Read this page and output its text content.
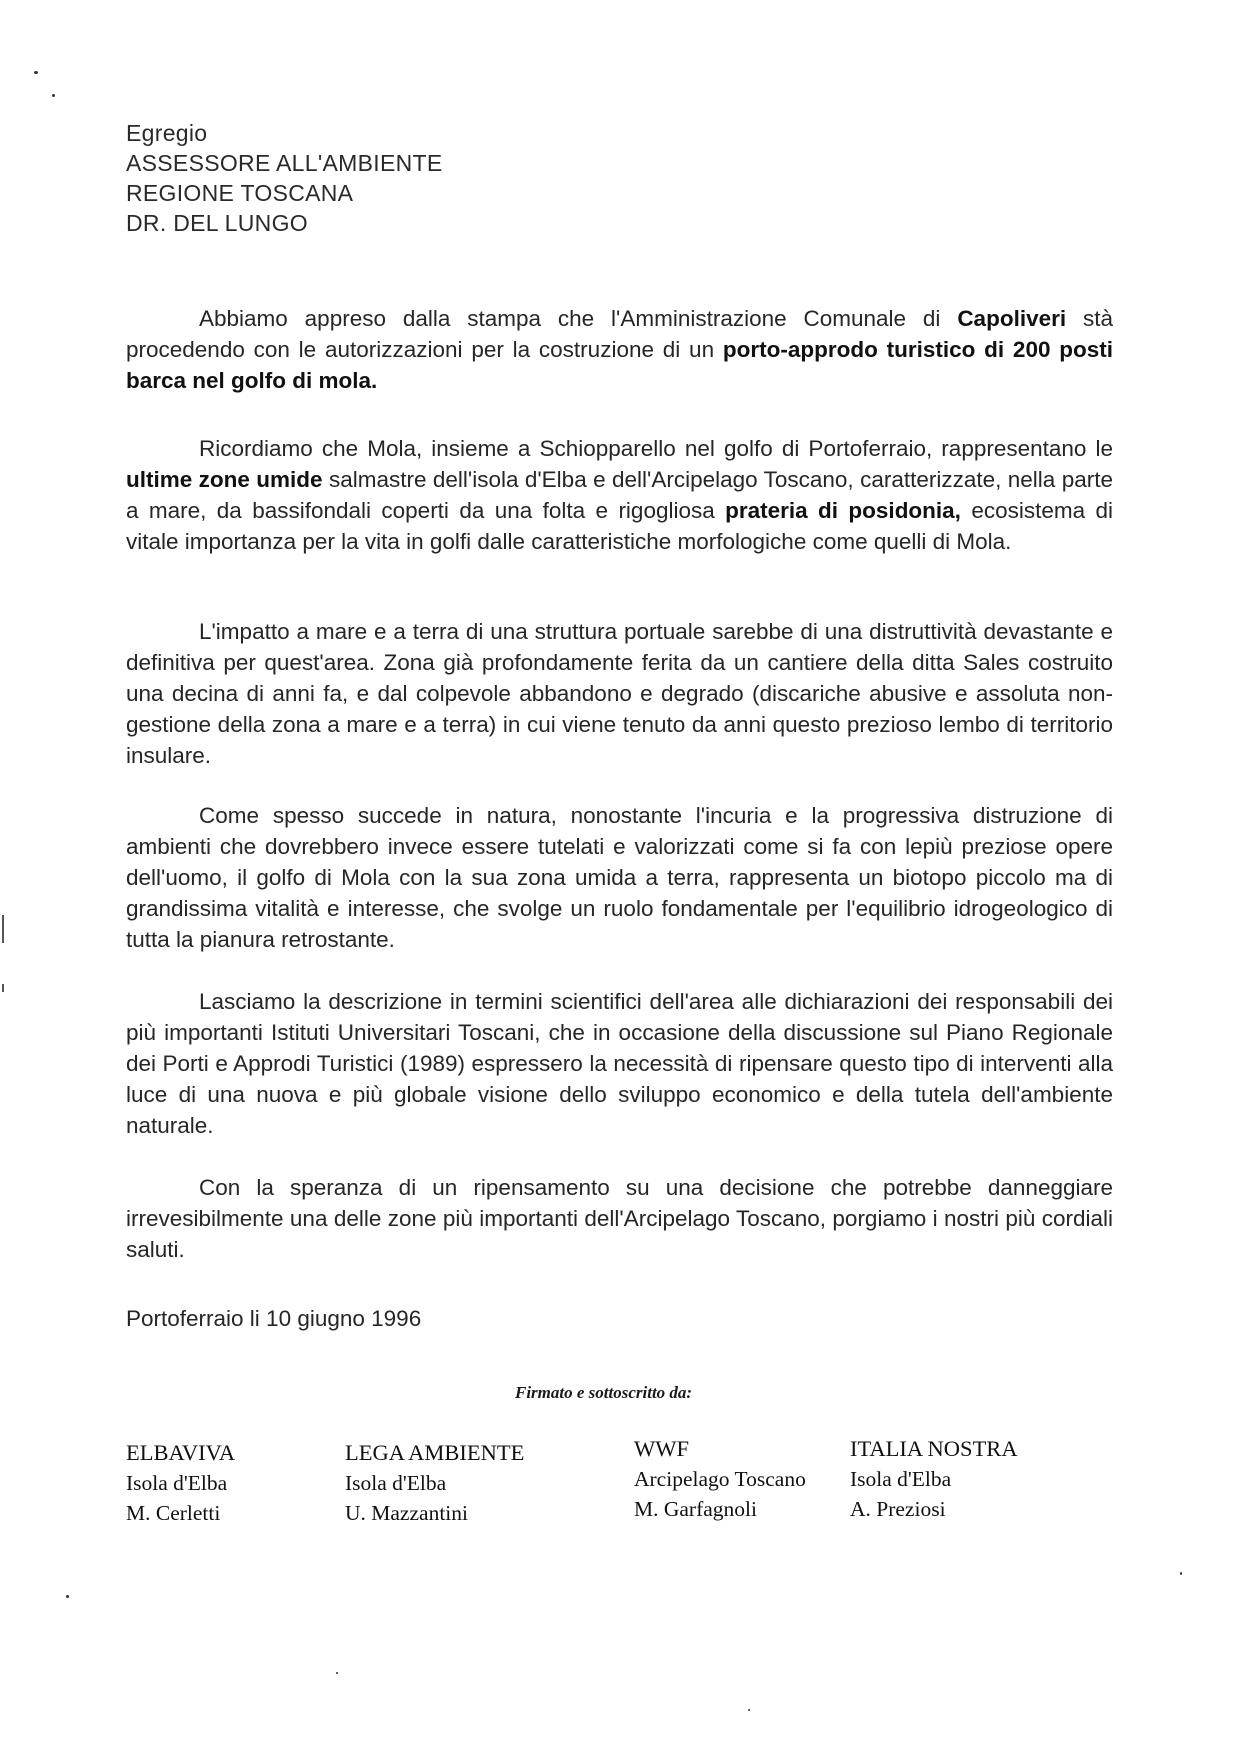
Egregio
ASSESSORE ALL'AMBIENTE
REGIONE TOSCANA
DR. DEL LUNGO
Abbiamo appreso dalla stampa che l'Amministrazione Comunale di Capoliveri stà procedendo con le autorizzazioni per la costruzione di un porto-approdo turistico di 200 posti barca nel golfo di mola.
Ricordiamo che Mola, insieme a Schiopparello nel golfo di Portoferraio, rappresentano le ultime zone umide salmastre dell'isola d'Elba e dell'Arcipelago Toscano, caratterizzate, nella parte a mare, da bassifondali coperti da una folta e rigogliosa prateria di posidonia, ecosistema di vitale importanza per la vita in golfi dalle caratteristiche morfologiche come quelli di Mola.
L'impatto a mare e a terra di una struttura portuale sarebbe di una distruttività devastante e definitiva per quest'area. Zona già profondamente ferita da un cantiere della ditta Sales costruito una decina di anni fa, e dal colpevole abbandono e degrado (discariche abusive e assoluta non-gestione della zona a mare e a terra) in cui viene tenuto da anni questo prezioso lembo di territorio insulare.
Come spesso succede in natura, nonostante l'incuria e la progressiva distruzione di ambienti che dovrebbero invece essere tutelati e valorizzati come si fa con lepiù preziose opere dell'uomo, il golfo di Mola con la sua zona umida a terra, rappresenta un biotopo piccolo ma di grandissima vitalità e interesse, che svolge un ruolo fondamentale per l'equilibrio idrogeologico di tutta la pianura retrostante.
Lasciamo la descrizione in termini scientifici dell'area alle dichiarazioni dei responsabili dei più importanti Istituti Universitari Toscani, che in occasione della discussione sul Piano Regionale dei Porti e Approdi Turistici (1989) espressero la necessità di ripensare questo tipo di interventi alla luce di una nuova e più globale visione dello sviluppo economico e della tutela dell'ambiente naturale.
Con la speranza di un ripensamento su una decisione che potrebbe danneggiare irrevesibilmente una delle zone più importanti dell'Arcipelago Toscano, porgiamo i nostri più cordiali saluti.
Portoferraio li 10 giugno 1996
Firmato e sottoscritto da:
ELBAVIVA
Isola d'Elba
M. Cerletti
LEGA AMBIENTE
Isola d'Elba
U. Mazzantini
WWF
Arcipelago Toscano
M. Garfagnoli
ITALIA NOSTRA
Isola d'Elba
A. Preziosi
